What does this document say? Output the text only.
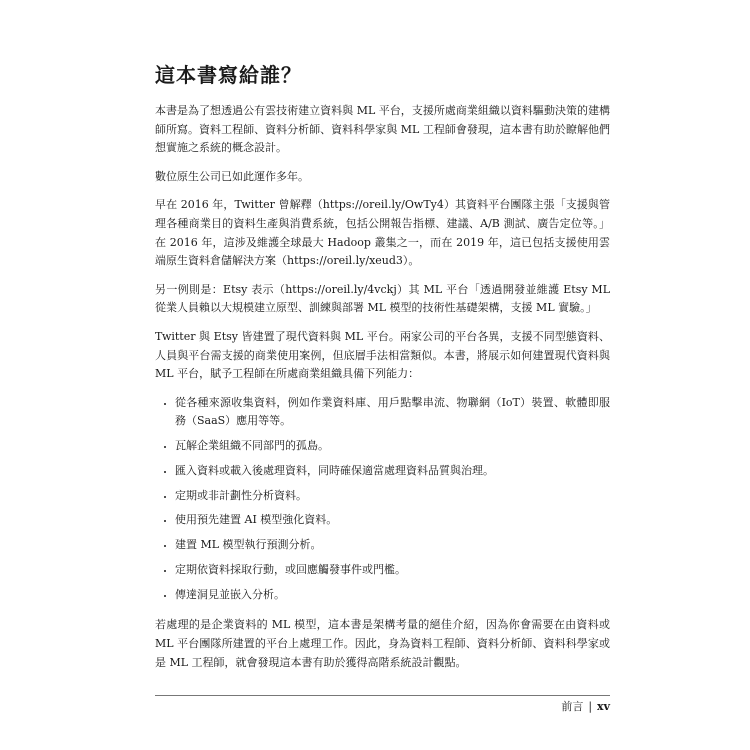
這本書寫給誰？

本書是為了想透過公有雲技術建立資料與 ML 平台，支援所處商業組織以資料驅動決策的建構師所寫。資料工程師、資料分析師、資料科學家與 ML 工程師會發現，這本書有助於瞭解他們想實施之系統的概念設計。

數位原生公司已如此運作多年。

早在 2016 年，Twitter 曾解釋（https://oreil.ly/OwTy4）其資料平台團隊主張「支援與管理各種商業目的資料生產與消費系統，包括公開報告指標、建議、A/B 測試、廣告定位等。」在 2016 年，這涉及維護全球最大 Hadoop 叢集之一，而在 2019 年，這已包括支援使用雲端原生資料倉儲解決方案（https://oreil.ly/xeud3）。

另一例則是：Etsy 表示（https://oreil.ly/4vckj）其 ML 平台「透過開發並維護 Etsy ML 從業人員賴以大規模建立原型、訓練與部署 ML 模型的技術性基礎架構，支援 ML 實驗。」

Twitter 與 Etsy 皆建置了現代資料與 ML 平台。兩家公司的平台各異，支援不同型態資料、人員與平台需支援的商業使用案例，但底層手法相當類似。本書，將展示如何建置現代資料與 ML 平台，賦予工程師在所處商業組織具備下列能力：

• 從各種來源收集資料，例如作業資料庫、用戶點擊串流、物聯網（IoT）裝置、軟體即服務（SaaS）應用等等。
• 瓦解企業組織不同部門的孤島。
• 匯入資料或載入後處理資料，同時確保適當處理資料品質與治理。
• 定期或非計劃性分析資料。
• 使用預先建置 AI 模型強化資料。
• 建置 ML 模型執行預測分析。
• 定期依資料採取行動，或回應觸發事件或門檻。
• 傳達洞見並嵌入分析。

若處理的是企業資料的 ML 模型，這本書是架構考量的絕佳介紹，因為你會需要在由資料或 ML 平台團隊所建置的平台上處理工作。因此，身為資料工程師、資料分析師、資料科學家或是 ML 工程師，就會發現這本書有助於獲得高階系統設計觀點。

前言 | xv
